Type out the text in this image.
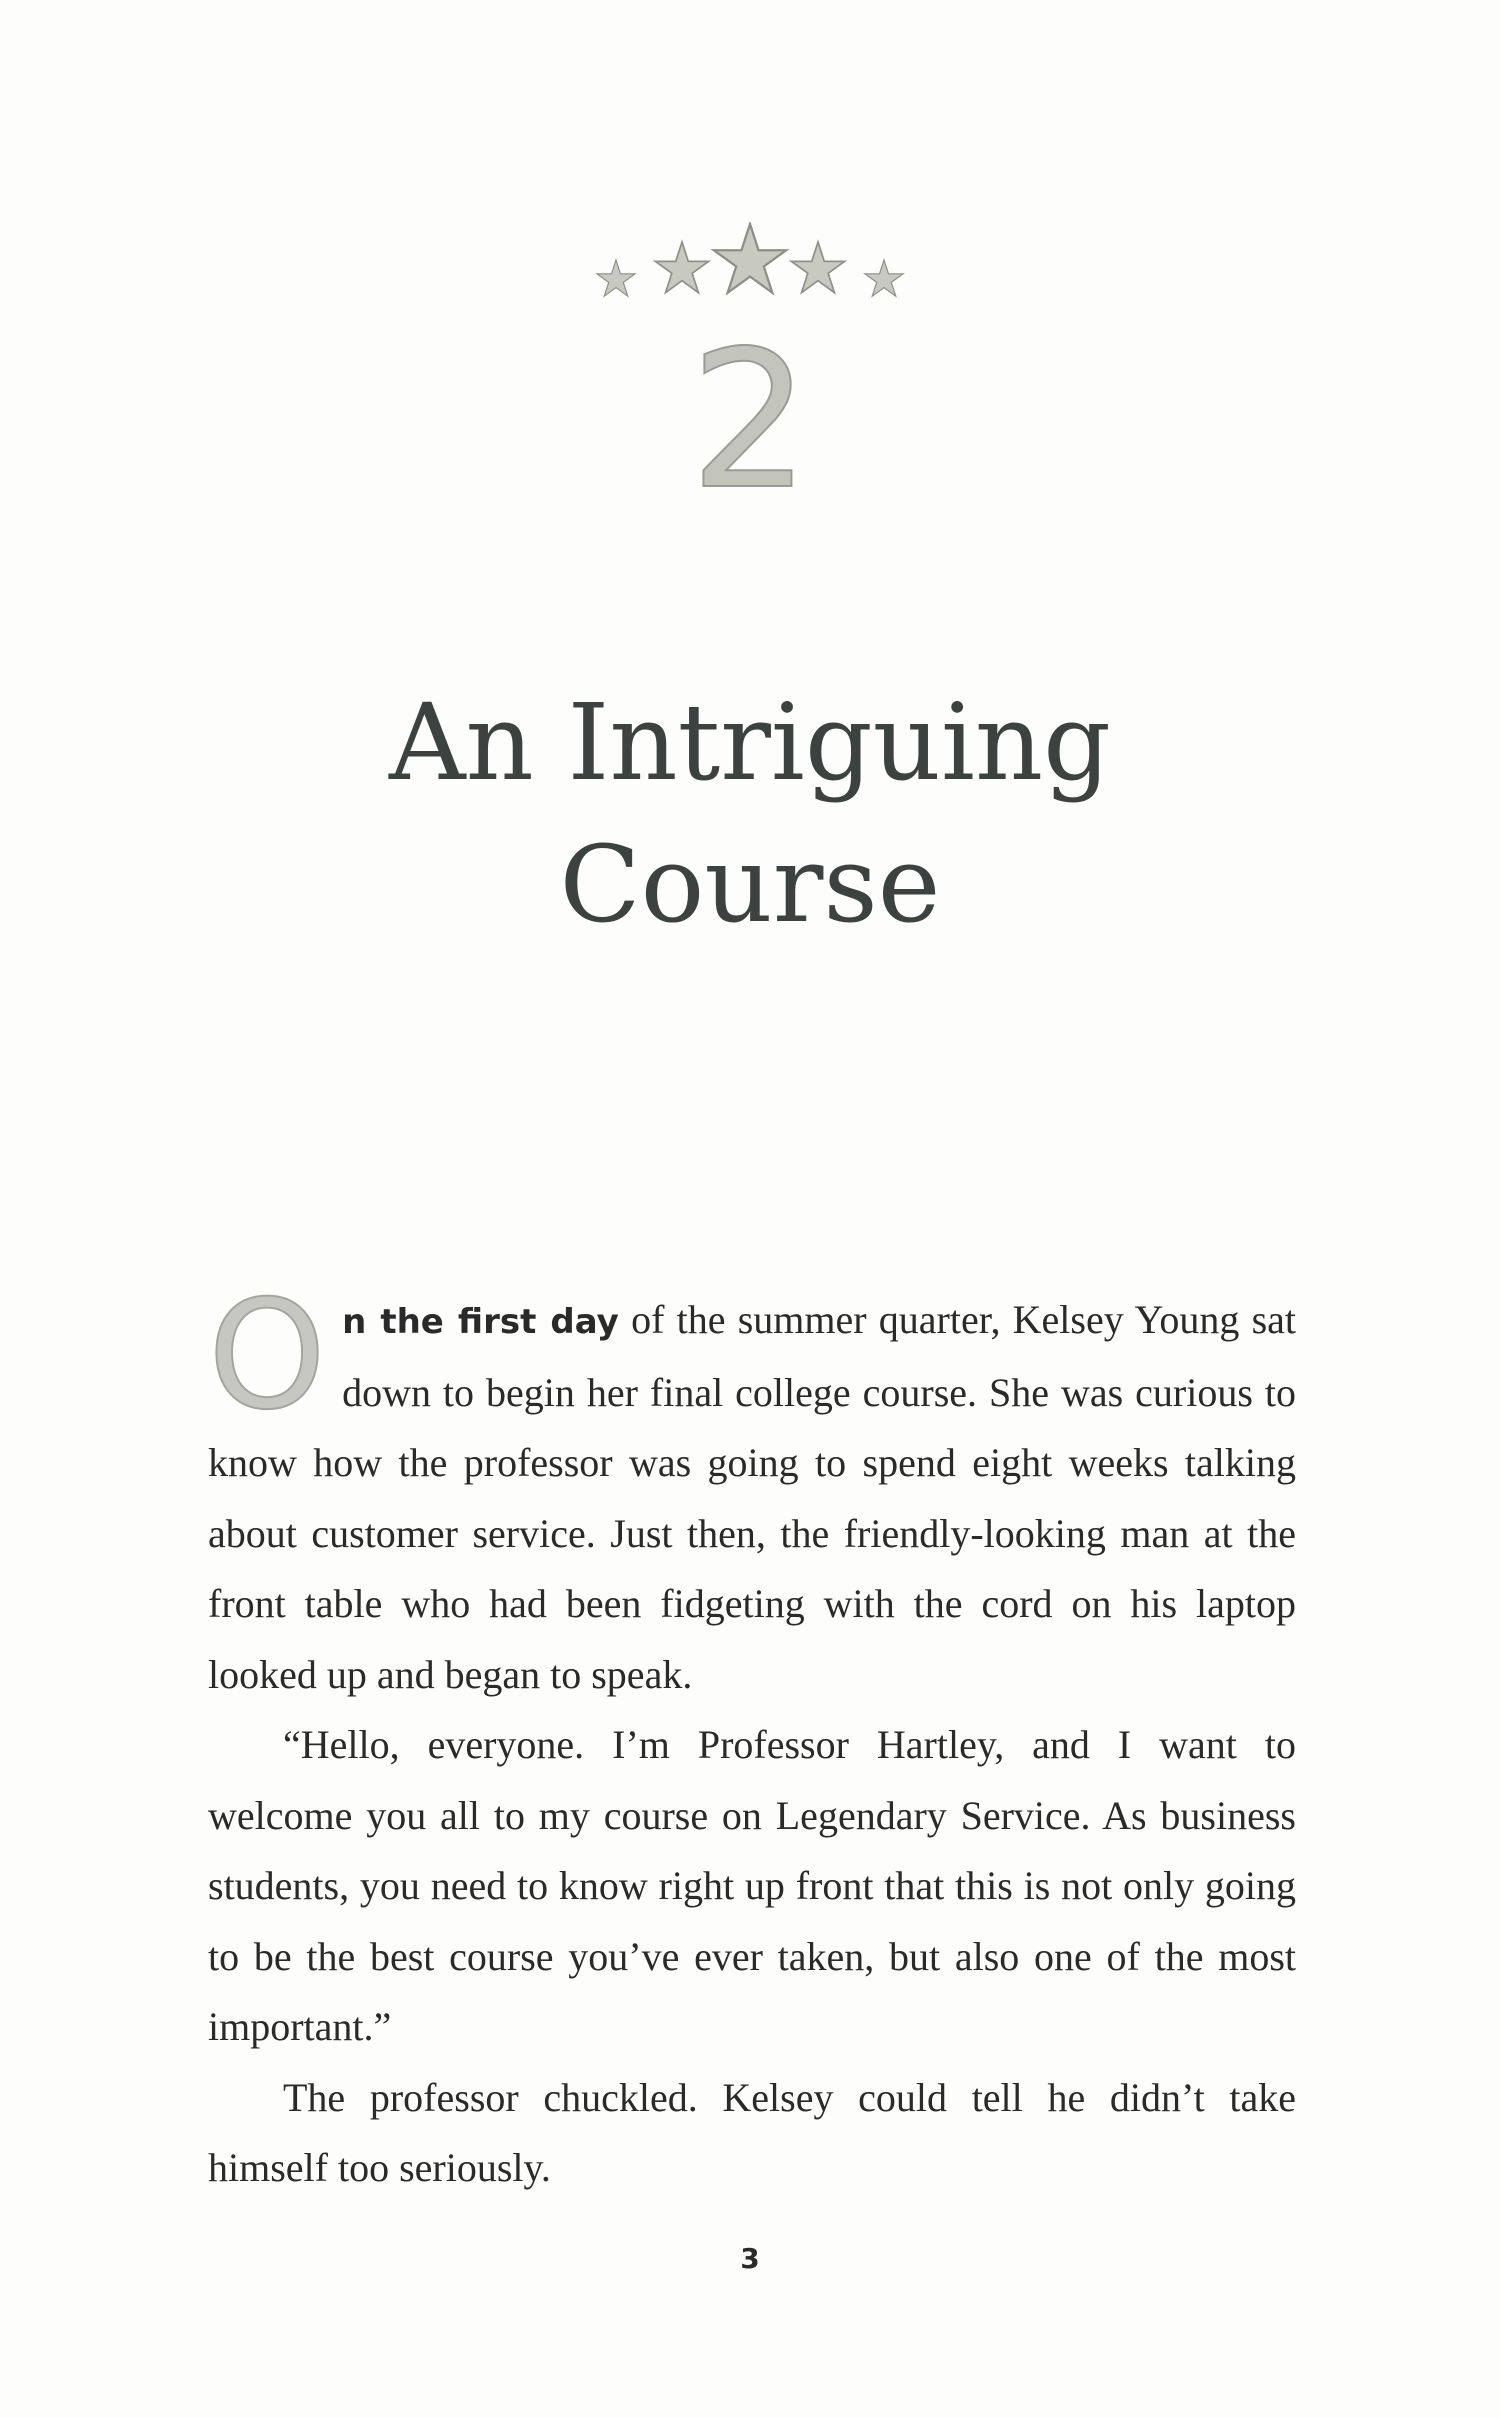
2
An Intriguing
Course

On the first day of the summer quarter, Kelsey Young sat down to begin her final college course. She was curious to know how the professor was going to spend eight weeks talking about customer service. Just then, the friendly-looking man at the front table who had been fidgeting with the cord on his laptop looked up and began to speak.

“Hello, everyone. I’m Professor Hartley, and I want to welcome you all to my course on Legendary Service. As business students, you need to know right up front that this is not only going to be the best course you’ve ever taken, but also one of the most important.”

The professor chuckled. Kelsey could tell he didn’t take himself too seriously.

3
